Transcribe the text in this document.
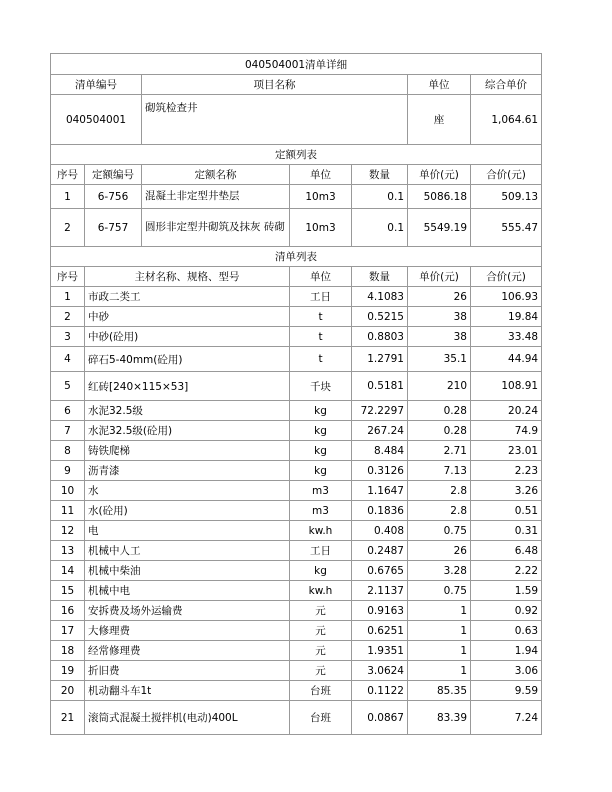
040504001清单详细						
清单编号		项目名称			单位	综合单价
040504001		砌筑检查井			座	1,064.61
定额列表						
序号	定额编号	定额名称	单位	数量	单价(元)	合价(元)
1	6-756	混凝土非定型井垫层	10m3	0.1	5086.18	509.13
2	6-757	圆形非定型井砌筑及抹灰 砖砌	10m3	0.1	5549.19	555.47
清单列表						
序号	主材名称、规格、型号		单位	数量	单价(元)	合价(元)
1	市政二类工		工日	4.1083	26	106.93
2	中砂		t	0.5215	38	19.84
3	中砂(砼用)		t	0.8803	38	33.48
4	碎石5-40mm(砼用)		t	1.2791	35.1	44.94
5	红砖[240×115×53]		千块	0.5181	210	108.91
6	水泥32.5级		kg	72.2297	0.28	20.24
7	水泥32.5级(砼用)		kg	267.24	0.28	74.9
8	铸铁爬梯		kg	8.484	2.71	23.01
9	沥青漆		kg	0.3126	7.13	2.23
10	水		m3	1.1647	2.8	3.26
11	水(砼用)		m3	0.1836	2.8	0.51
12	电		kw.h	0.408	0.75	0.31
13	机械中人工		工日	0.2487	26	6.48
14	机械中柴油		kg	0.6765	3.28	2.22
15	机械中电		kw.h	2.1137	0.75	1.59
16	安拆费及场外运输费		元	0.9163	1	0.92
17	大修理费		元	0.6251	1	0.63
18	经常修理费		元	1.9351	1	1.94
19	折旧费		元	3.0624	1	3.06
20	机动翻斗车1t		台班	0.1122	85.35	9.59
21	滚筒式混凝土搅拌机(电动)400L		台班	0.0867	83.39	7.24
